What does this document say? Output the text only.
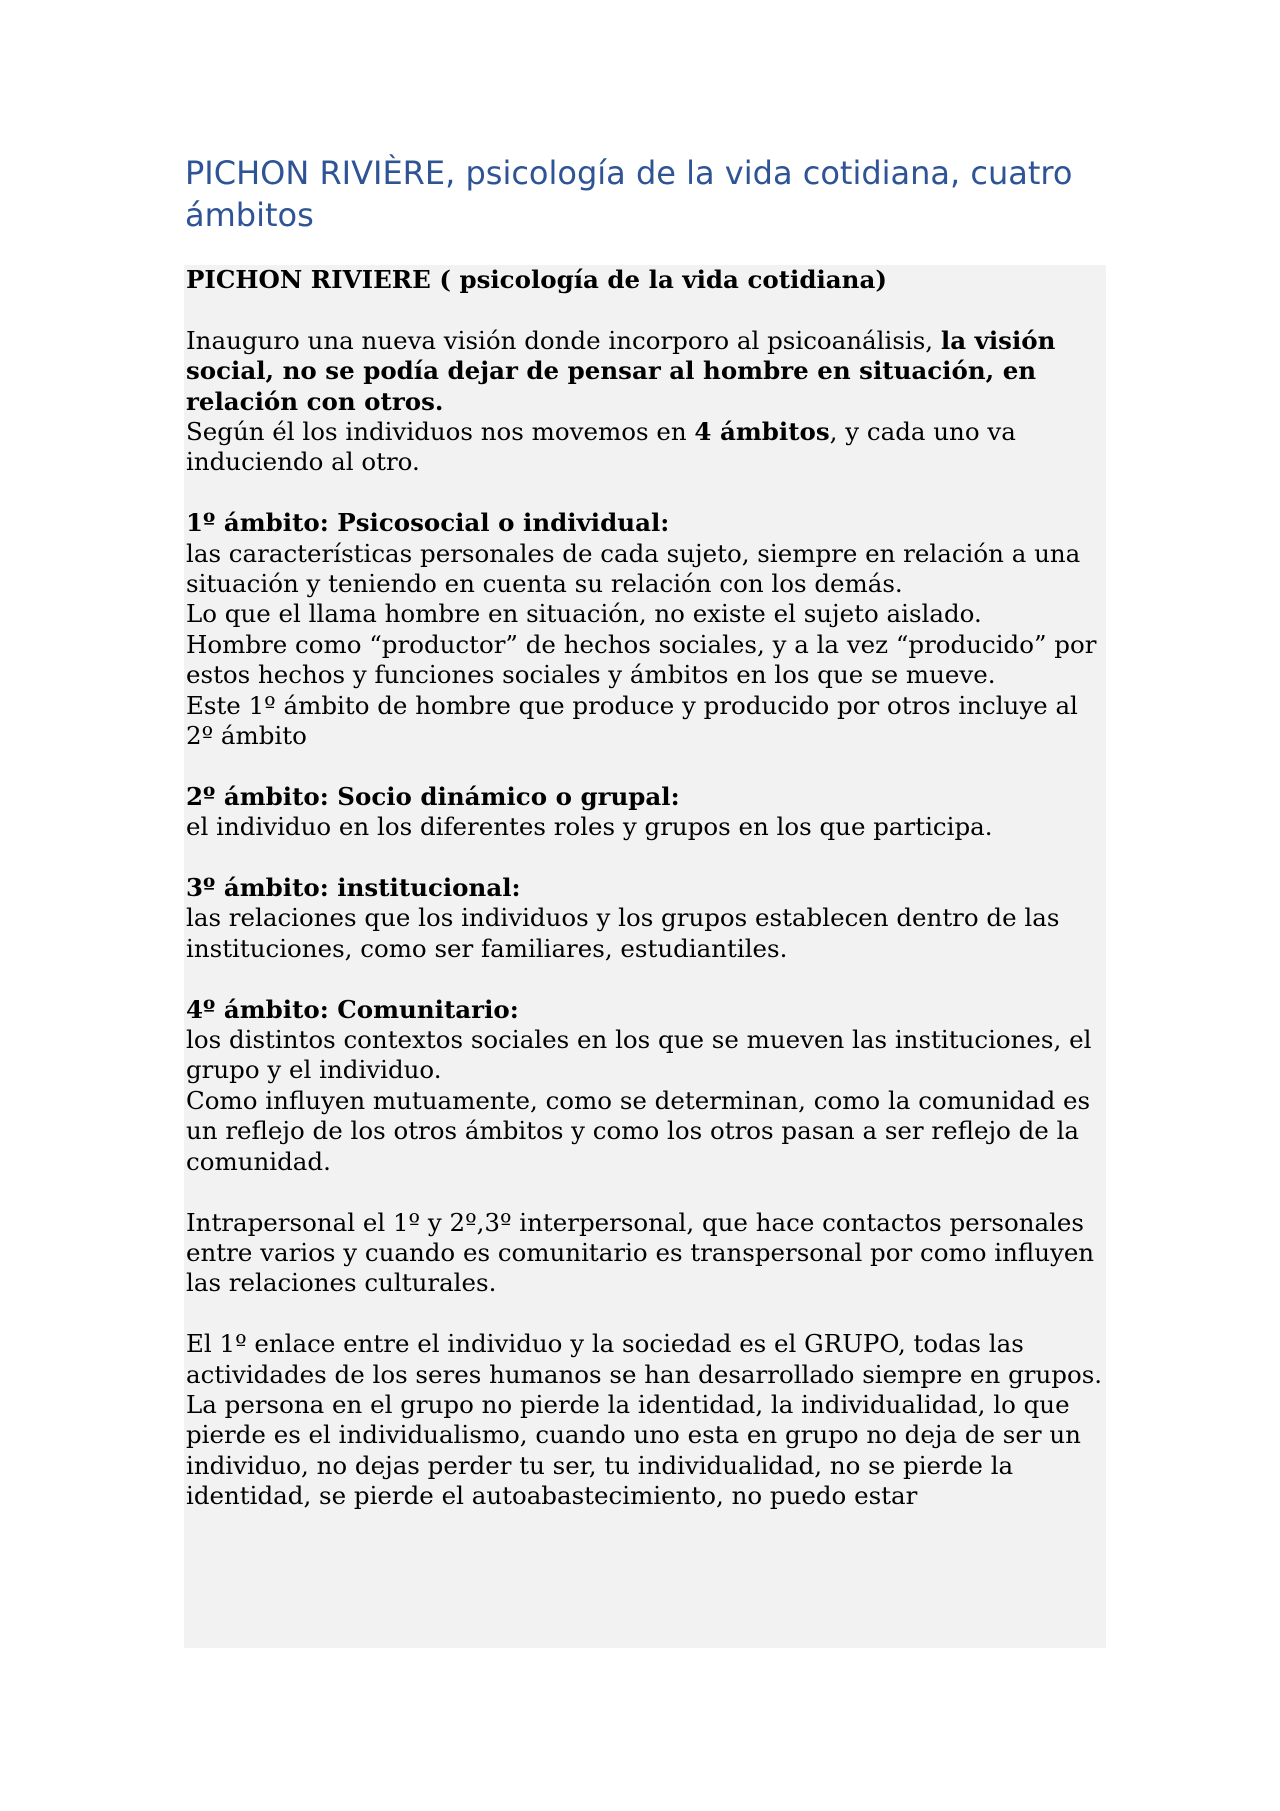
PICHON RIVIÈRE, psicología de la vida cotidiana, cuatro ámbitos

PICHON RIVIERE ( psicología de la vida cotidiana)

Inauguro una nueva visión donde incorporo al psicoanálisis, la visión social, no se podía dejar de pensar al hombre en situación, en relación con otros.
Según él los individuos nos movemos en 4 ámbitos, y cada uno va induciendo al otro.

1º ámbito: Psicosocial o individual:
las características personales de cada sujeto, siempre en relación a una situación y teniendo en cuenta su relación con los demás.
Lo que el llama hombre en situación, no existe el sujeto aislado.
Hombre como “productor” de hechos sociales, y a la vez “producido” por estos hechos y funciones sociales y ámbitos en los que se mueve.
Este 1º ámbito de hombre que produce y producido por otros incluye al 2º ámbito

2º ámbito: Socio dinámico o grupal:
el individuo en los diferentes roles y grupos en los que participa.

3º ámbito: institucional:
las relaciones que los individuos y los grupos establecen dentro de las instituciones, como ser familiares, estudiantiles.

4º ámbito: Comunitario:
los distintos contextos sociales en los que se mueven las instituciones, el grupo y el individuo.
Como influyen mutuamente, como se determinan, como la comunidad es un reflejo de los otros ámbitos y como los otros pasan a ser reflejo de la comunidad.

Intrapersonal el 1º y 2º,3º interpersonal, que hace contactos personales entre varios y cuando es comunitario es transpersonal por como influyen las relaciones culturales.

El 1º enlace entre el individuo y la sociedad es el GRUPO, todas las actividades de los seres humanos se han desarrollado siempre en grupos.
La persona en el grupo no pierde la identidad, la individualidad, lo que pierde es el individualismo, cuando uno esta en grupo no deja de ser un individuo, no dejas perder tu ser, tu individualidad, no se pierde la identidad, se pierde el autoabastecimiento, no puedo estar
